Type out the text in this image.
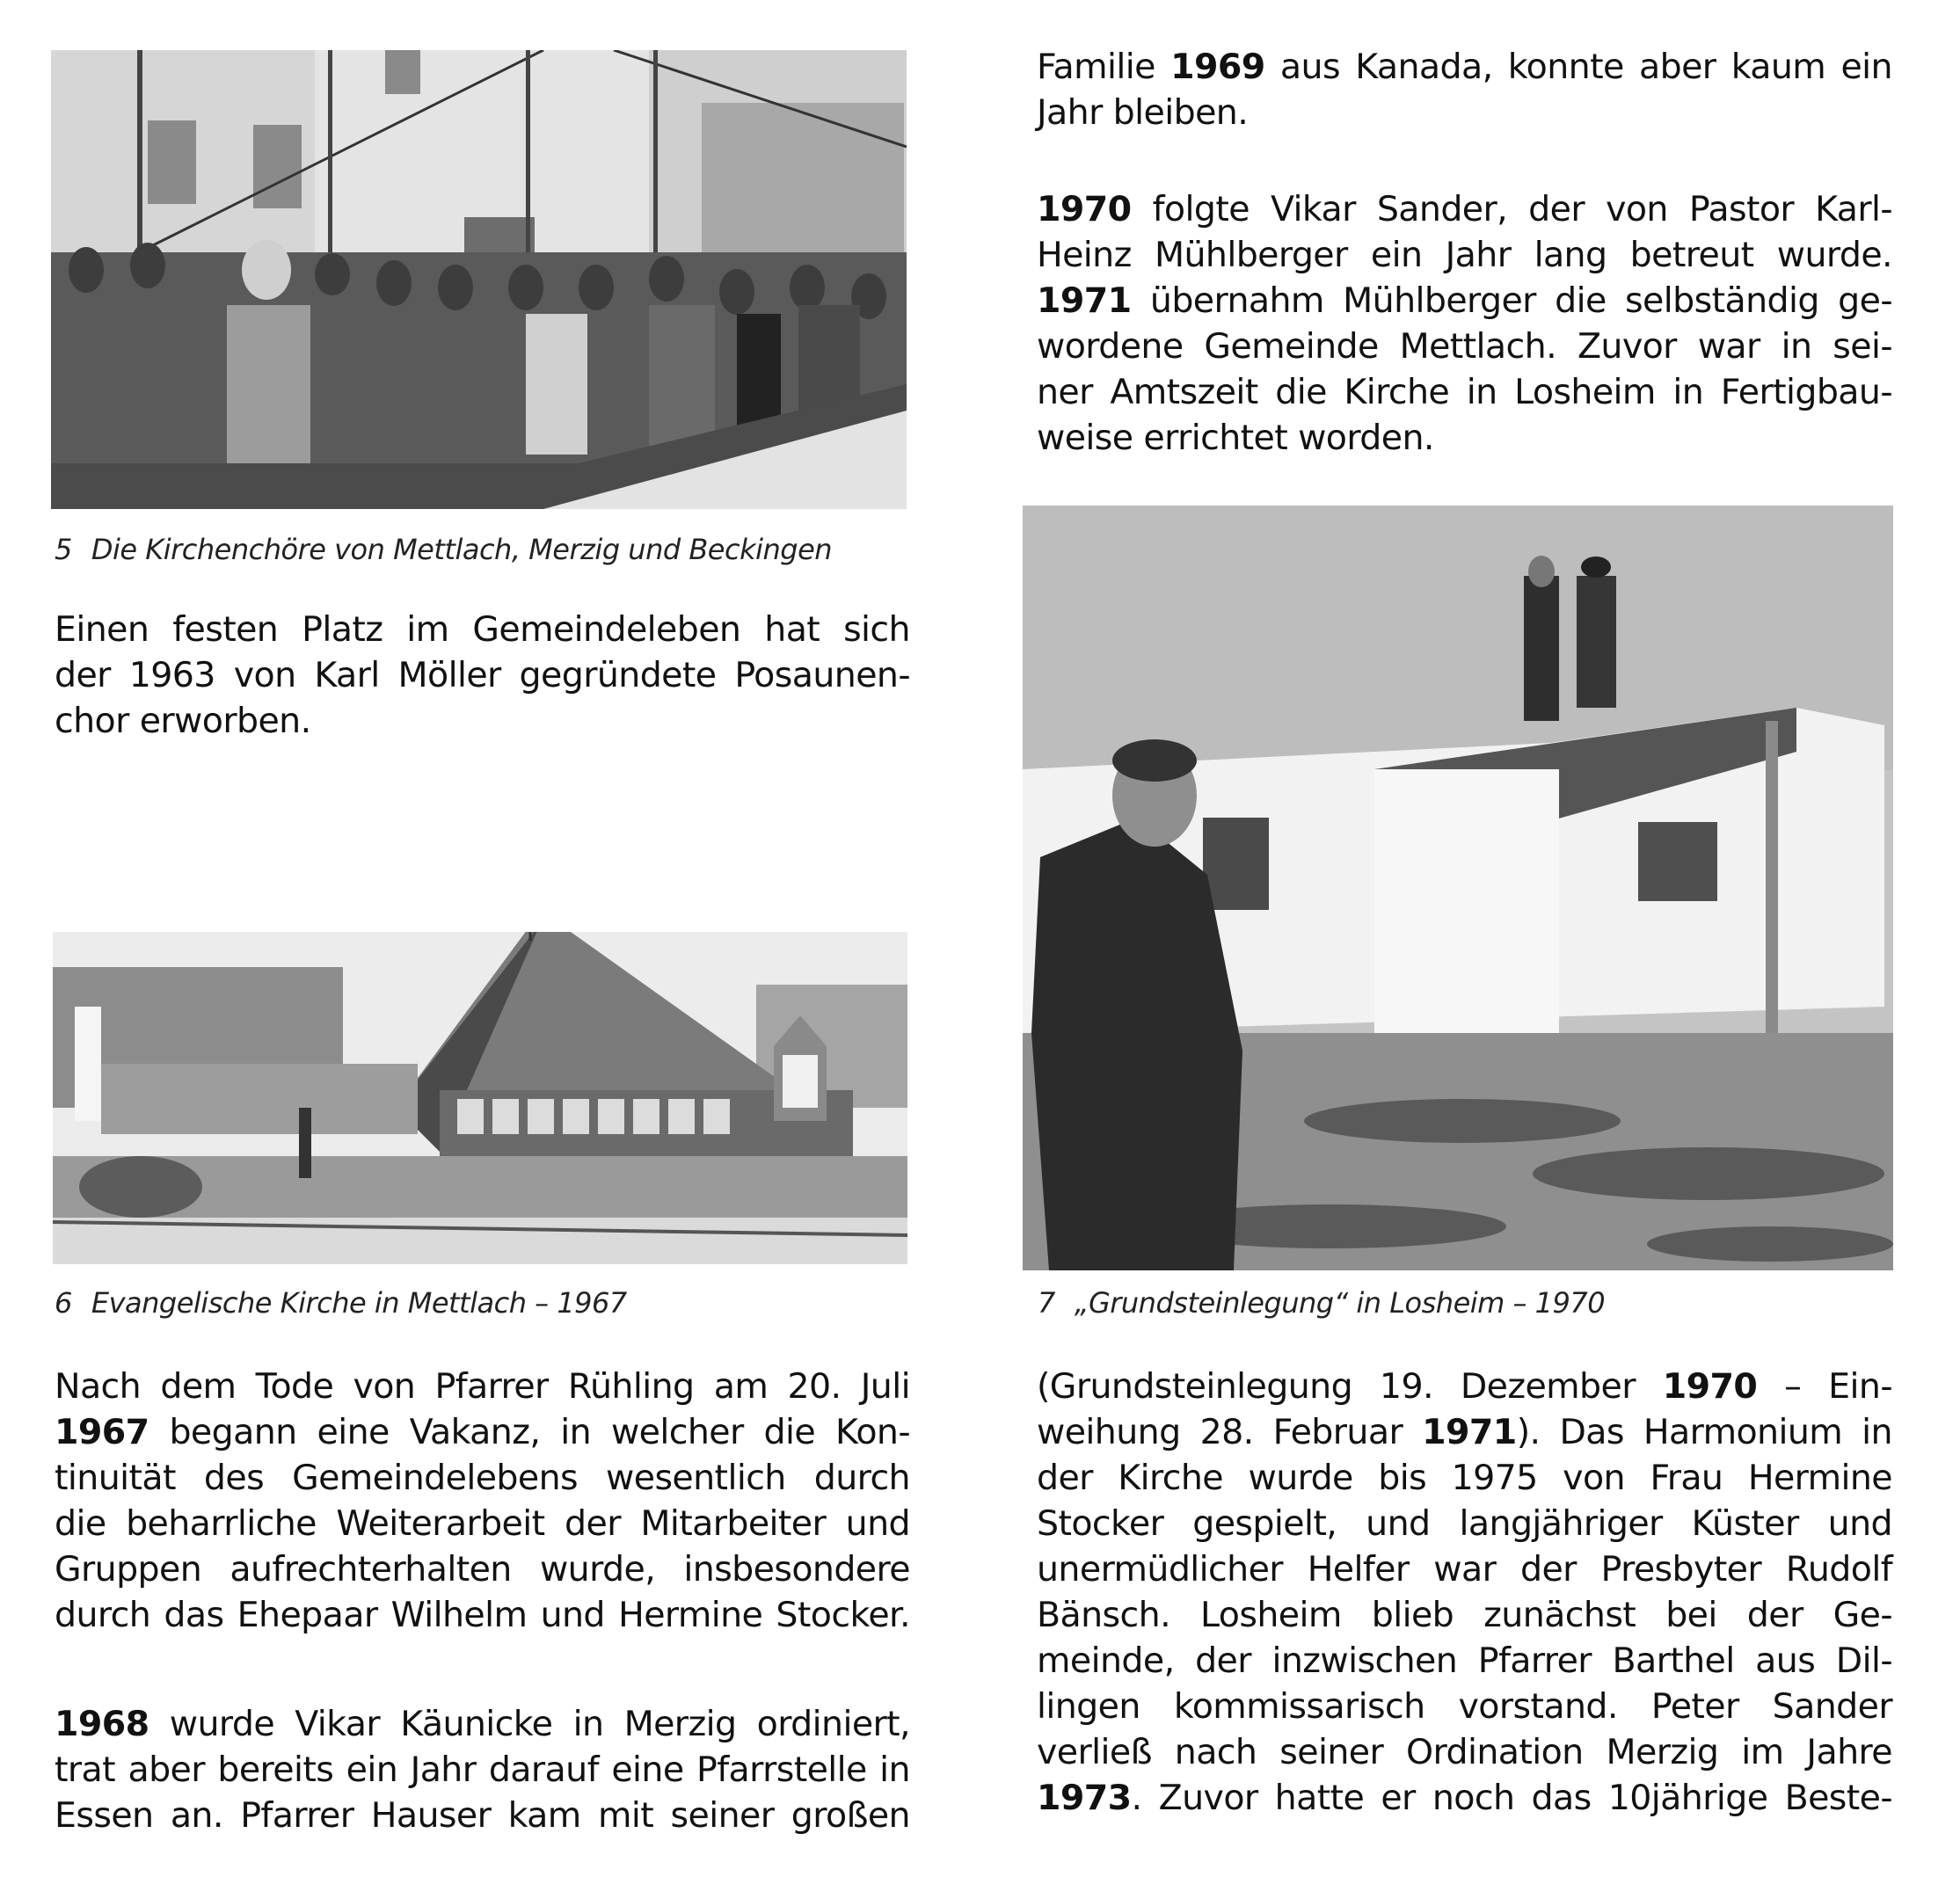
5 Die Kirchenchöre von Mettlach, Merzig und Beckingen
Einen festen Platz im Gemeindeleben hat sich
der 1963 von Karl Möller gegründete Posaunen-
chor erworben.
6 Evangelische Kirche in Mettlach – 1967
Nach dem Tode von Pfarrer Rühling am 20. Juli
1967 begann eine Vakanz, in welcher die Kon-
tinuität des Gemeindelebens wesentlich durch
die beharrliche Weiterarbeit der Mitarbeiter und
Gruppen aufrechterhalten wurde, insbesondere
durch das Ehepaar Wilhelm und Hermine Stocker.
1968 wurde Vikar Käunicke in Merzig ordiniert,
trat aber bereits ein Jahr darauf eine Pfarrstelle in
Essen an. Pfarrer Hauser kam mit seiner großen
Familie 1969 aus Kanada, konnte aber kaum ein
Jahr bleiben.
1970 folgte Vikar Sander, der von Pastor Karl-
Heinz Mühlberger ein Jahr lang betreut wurde.
1971 übernahm Mühlberger die selbständig ge-
wordene Gemeinde Mettlach. Zuvor war in sei-
ner Amtszeit die Kirche in Losheim in Fertigbau-
weise errichtet worden.
7 „Grundsteinlegung“ in Losheim – 1970
(Grundsteinlegung 19. Dezember 1970 – Ein-
weihung 28. Februar 1971). Das Harmonium in
der Kirche wurde bis 1975 von Frau Hermine
Stocker gespielt, und langjähriger Küster und
unermüdlicher Helfer war der Presbyter Rudolf
Bänsch. Losheim blieb zunächst bei der Ge-
meinde, der inzwischen Pfarrer Barthel aus Dil-
lingen kommissarisch vorstand. Peter Sander
verließ nach seiner Ordination Merzig im Jahre
1973. Zuvor hatte er noch das 10jährige Beste-
